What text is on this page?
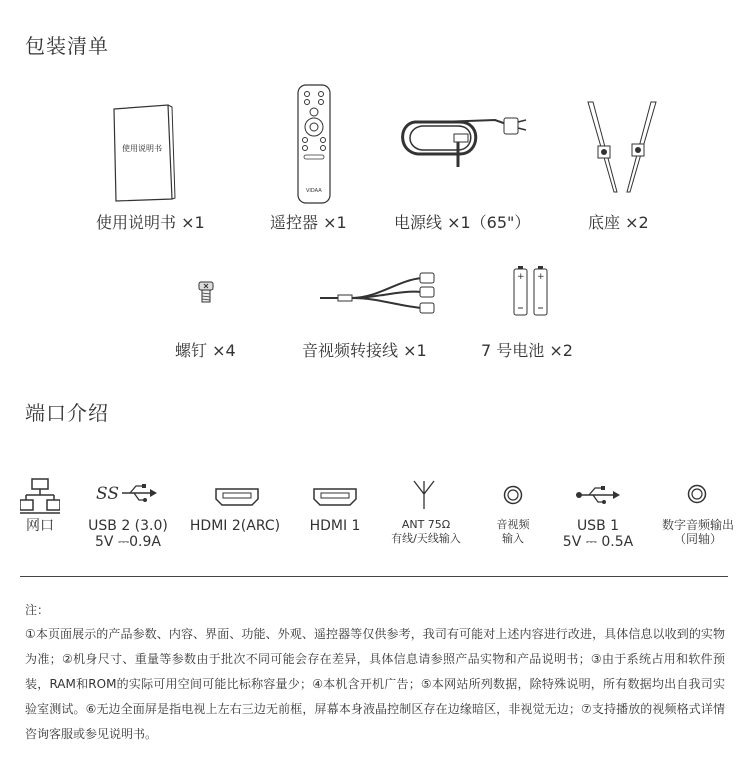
包装清单
使用说明书
使用说明书 ×1
VIDAA
遥控器 ×1	电源线 ×1（65"）	底座 ×2
螺钉 ×4	音视频转接线 ×1
+ +
7 号电池 ×2
端口介绍
SS
网口	USB 2 (3.0)
5V ⎓0.9A
HDMI 2(ARC)	HDMI 1	ANT 75Ω
有线/天线输入
音视频
输入
USB 1
5V ⎓ 0.5A
数字音频输出
（同轴）
注：
①本页面展示的产品参数、内容、界面、功能、外观、遥控器等仅供参考，我司有可能对上述内容进行改进，具体信息以收到的实物为准；②机身尺寸、重量等参数由于批次不同可能会存在差异，具体信息请参照产品实物和产品说明书；③由于系统占用和软件预装，RAM和ROM的实际可用空间可能比标称容量少；④本机含开机广告；⑤本网站所列数据，除特殊说明，所有数据均出自我司实验室测试。⑥无边全面屏是指电视上左右三边无前框，屏幕本身液晶控制区存在边缘暗区，非视觉无边；⑦支持播放的视频格式详情咨询客服或参见说明书。
